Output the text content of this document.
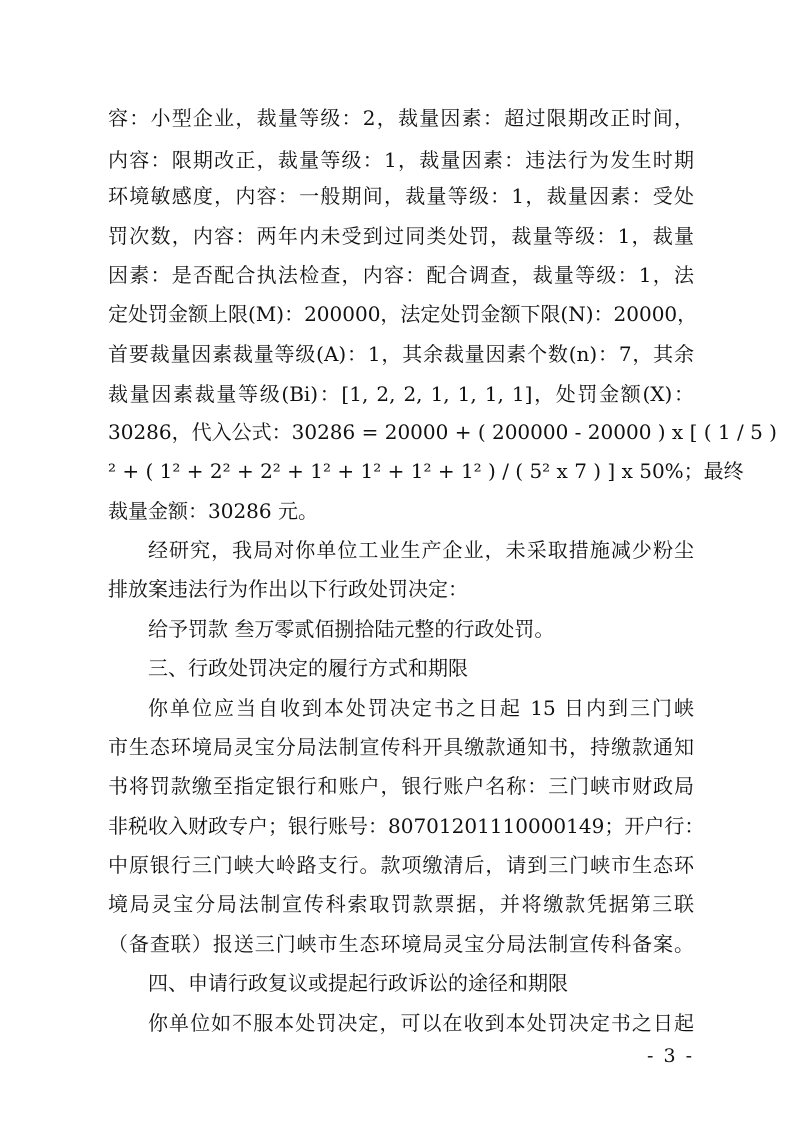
容：小型企业，裁量等级：2，裁量因素：超过限期改正时间，
内容：限期改正，裁量等级：1，裁量因素：违法行为发生时期
环境敏感度，内容：一般期间，裁量等级：1，裁量因素：受处
罚次数，内容：两年内未受到过同类处罚，裁量等级：1，裁量
因素：是否配合执法检查，内容：配合调查，裁量等级：1，法
定处罚金额上限(M)：200000，法定处罚金额下限(N)：20000，
首要裁量因素裁量等级(A)：1，其余裁量因素个数(n)：7，其余
裁量因素裁量等级(Bi)：[1, 2, 2, 1, 1, 1, 1]，处罚金额(X)：
30286，代入公式：30286 = 20000 + ( 200000 - 20000 ) x [ ( 1 / 5 )
² + ( 1² + 2² + 2² + 1² + 1² + 1² + 1² ) / ( 5² x 7 ) ] x 50%；最终
裁量金额：30286 元。
经研究，我局对你单位工业生产企业，未采取措施减少粉尘
排放案违法行为作出以下行政处罚决定：
给予罚款 叁万零贰佰捌拾陆元整的行政处罚。
三、行政处罚决定的履行方式和期限
你单位应当自收到本处罚决定书之日起 15 日内到三门峡
市生态环境局灵宝分局法制宣传科开具缴款通知书，持缴款通知
书将罚款缴至指定银行和账户，银行账户名称：三门峡市财政局
非税收入财政专户；银行账号：80701201110000149；开户行：
中原银行三门峡大岭路支行。款项缴清后，请到三门峡市生态环
境局灵宝分局法制宣传科索取罚款票据，并将缴款凭据第三联
（备查联）报送三门峡市生态环境局灵宝分局法制宣传科备案。
四、申请行政复议或提起行政诉讼的途径和期限
你单位如不服本处罚决定，可以在收到本处罚决定书之日起
- 3 -
